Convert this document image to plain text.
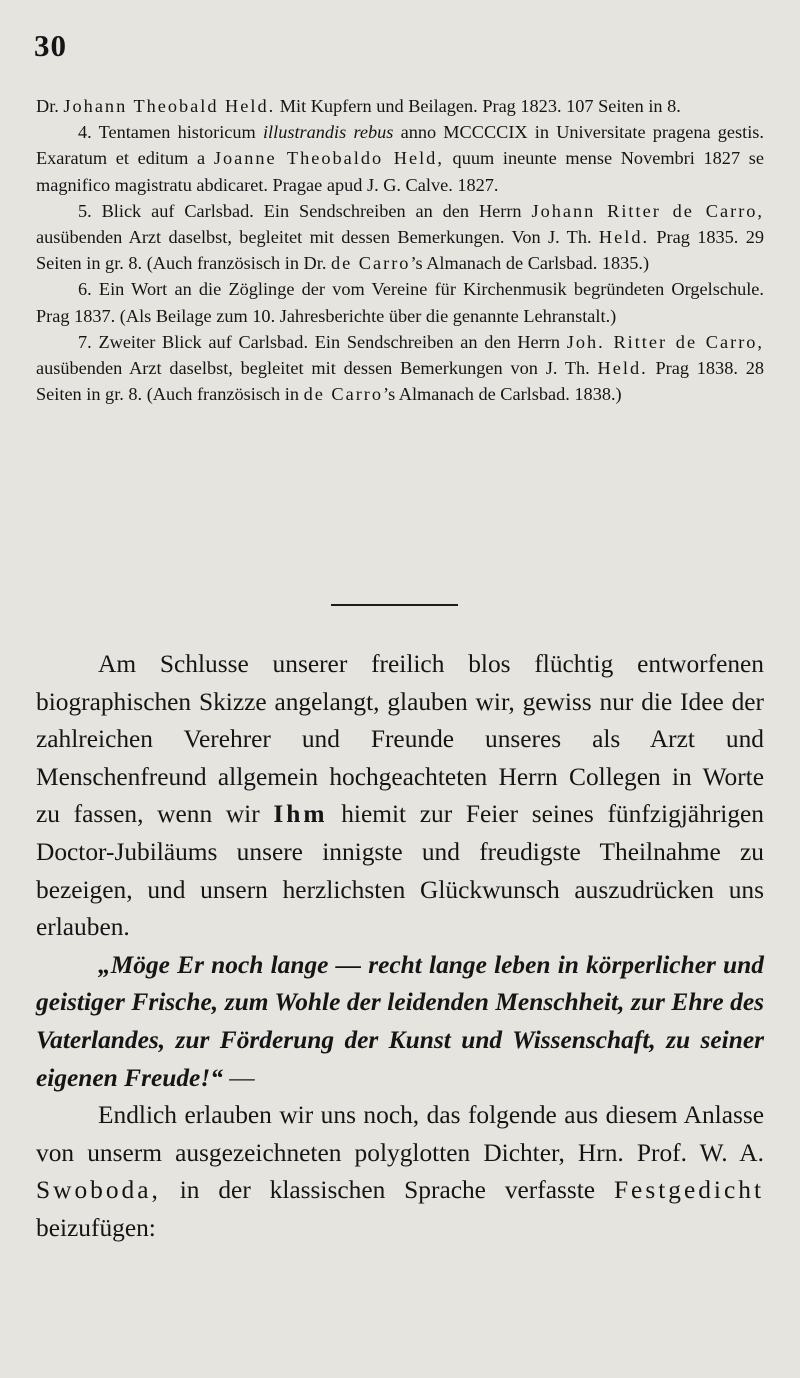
30

Dr. Johann Theobald Held. Mit Kupfern und Beilagen. Prag 1823. 107 Seiten in 8.

4. Tentamen historicum illustrandis rebus anno MCCCCIX in Universitate pragena gestis. Exaratum et editum a Joanne Theobaldo Held, quum ineunte mense Novembri 1827 se magnifico magistratu abdicaret. Pragae apud J. G. Calve. 1827.

5. Blick auf Carlsbad. Ein Sendschreiben an den Herrn Johann Ritter de Carro, ausübenden Arzt daselbst, begleitet mit dessen Bemerkungen. Von J. Th. Held. Prag 1835. 29 Seiten in gr. 8. (Auch französisch in Dr. de Carro’s Almanach de Carlsbad. 1835.)

6. Ein Wort an die Zöglinge der vom Vereine für Kirchenmusik begründeten Orgelschule. Prag 1837. (Als Beilage zum 10. Jahresberichte über die genannte Lehranstalt.)

7. Zweiter Blick auf Carlsbad. Ein Sendschreiben an den Herrn Joh. Ritter de Carro, ausübenden Arzt daselbst, begleitet mit dessen Bemerkungen von J. Th. Held. Prag 1838. 28 Seiten in gr. 8. (Auch französisch in de Carro’s Almanach de Carlsbad. 1838.)

Am Schlusse unserer freilich blos flüchtig entworfenen biographischen Skizze angelangt, glauben wir, gewiss nur die Idee der zahlreichen Verehrer und Freunde unseres als Arzt und Menschenfreund allgemein hochgeachteten Herrn Collegen in Worte zu fassen, wenn wir Ihm hiemit zur Feier seines fünfzigjährigen Doctor-Jubiläums unsere innigste und freudigste Theilnahme zu bezeigen, und unsern herzlichsten Glückwunsch auszudrücken uns erlauben.

„Möge Er noch lange — recht lange leben in körperlicher und geistiger Frische, zum Wohle der leidenden Menschheit, zur Ehre des Vaterlandes, zur Förderung der Kunst und Wissenschaft, zu seiner eigenen Freude!“ —

Endlich erlauben wir uns noch, das folgende aus diesem Anlasse von unserm ausgezeichneten polyglotten Dichter, Hrn. Prof. W. A. Swoboda, in der klassischen Sprache verfasste Festgedicht beizufügen:
